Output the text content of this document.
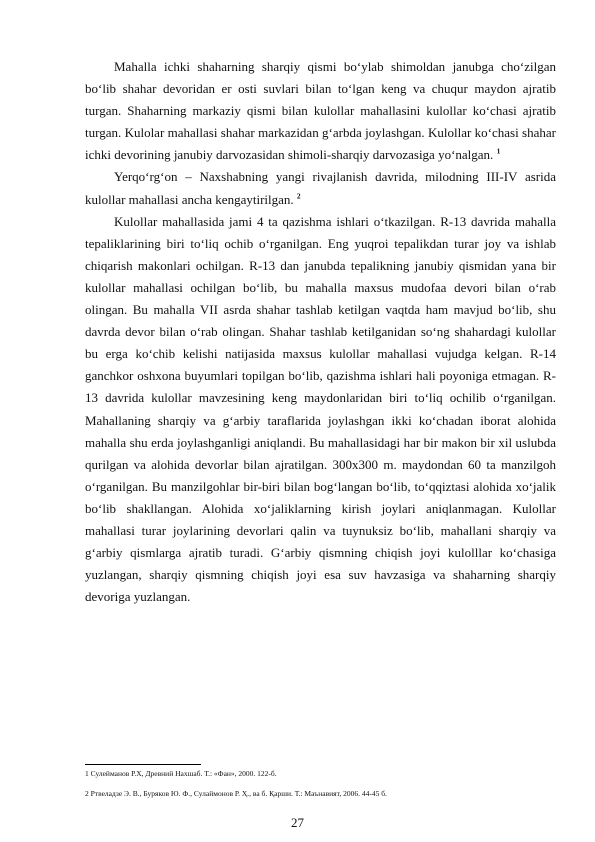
Mahalla ichki shaharning sharqiy qismi bo‘ylab shimoldan janubga cho‘zilgan bo‘lib shahar devoridan er osti suvlari bilan to‘lgan keng va chuqur maydon ajratib turgan. Shaharning markaziy qismi bilan kulollar mahallasini kulollar ko‘chasi ajratib turgan. Kulolar mahallasi shahar markazidan g‘arbda joylashgan. Kulollar ko‘chasi shahar ichki devorining janubiy darvozasidan shimoli-sharqiy darvozasiga yo‘nalgan. $^1$

Yerqo‘rg‘on – Naxshabning yangi rivajlanish davrida, milodning III-IV asrida kulollar mahallasi ancha kengaytirilgan. $^2$

Kulollar mahallasida jami 4 ta qazishma ishlari o‘tkazilgan. R-13 davrida mahalla tepaliklarining biri to‘liq ochib o‘rganilgan. Eng yuqroi tepalikdan turar joy va ishlab chiqarish makonlari ochilgan. R-13 dan janubda tepalikning janubiy qismidan yana bir kulollar mahallasi ochilgan bo‘lib, bu mahalla maxsus mudofaa devori bilan o‘rab olingan. Bu mahalla VII asrda shahar tashlab ketilgan vaqtda ham mavjud bo‘lib, shu davrda devor bilan o‘rab olingan. Shahar tashlab ketilganidan so‘ng shahardagi kulollar bu erga ko‘chib kelishi natijasida maxsus kulollar mahallasi vujudga kelgan. R-14 ganchkor oshxona buyumlari topilgan bo‘lib, qazishma ishlari hali poyoniga etmagan. R-13 davrida kulollar mavzesining keng maydonlaridan biri to‘liq ochilib o‘rganilgan. Mahallaning sharqiy va g‘arbiy taraflarida joylashgan ikki ko‘chadan iborat alohida mahalla shu erda joylashganligi aniqlandi. Bu mahallasidagi har bir makon bir xil uslubda qurilgan va alohida devorlar bilan ajratilgan. 300x300 m. maydondan 60 ta manzilgoh o‘rganilgan. Bu manzilgohlar bir-biri bilan bog‘langan bo‘lib, to‘qqiztasi alohida xo‘jalik bo‘lib shakllangan. Alohida xo‘jaliklarning kirish joylari aniqlanmagan. Kulollar mahallasi turar joylarining devorlari qalin va tuynuksiz bo‘lib, mahallani sharqiy va g‘arbiy qismlarga ajratib turadi. G‘arbiy qismning chiqish joyi kulolllar ko‘chasiga yuzlangan, sharqiy qismning chiqish joyi esa suv havzasiga va shaharning sharqiy devoriga yuzlangan.

1 Сулейманов Р.Х, Древний Нахшаб. Т.: «Фан», 2000. 122-б.

2 Ртвеладзе Э. В., Буряков Ю. Ф., Сулаймонов Р. Ҳ., ва б. Қарши. Т.: Маънавият, 2006. 44-45 б.

27
